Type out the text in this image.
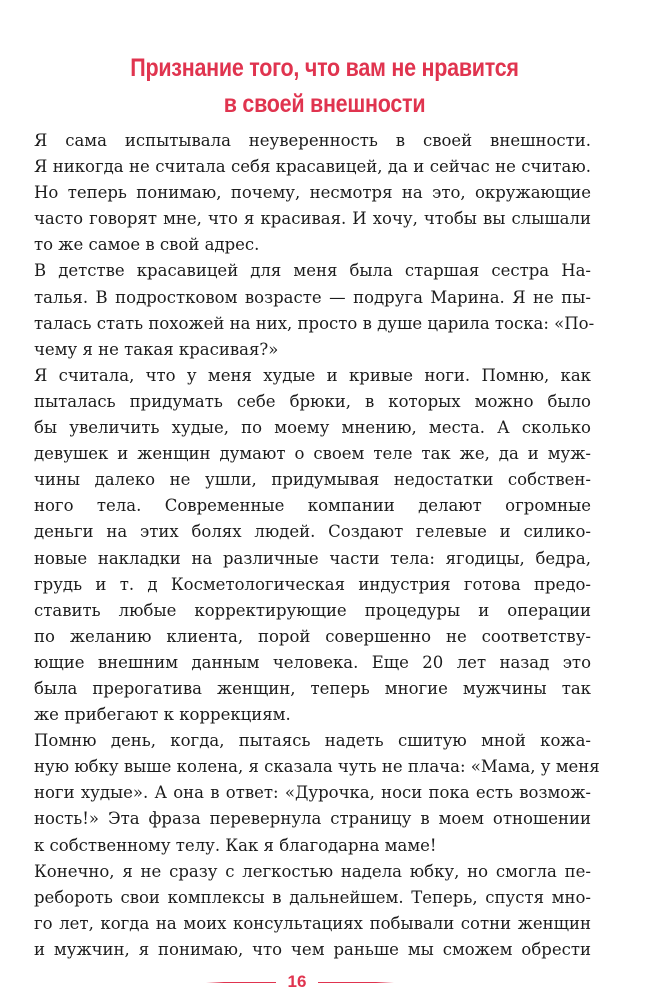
Признание того, что вам не нравится
в своей внешности

Я сама испытывала неуверенность в своей внешности.
Я никогда не считала себя красавицей, да и сейчас не считаю.
Но теперь понимаю, почему, несмотря на это, окружающие
часто говорят мне, что я красивая. И хочу, чтобы вы слышали
то же самое в свой адрес.

В детстве красавицей для меня была старшая сестра На-
талья. В подростковом возрасте — подруга Марина. Я не пы-
талась стать похожей на них, просто в душе царила тоска: «По-
чему я не такая красивая?»

Я считала, что у меня худые и кривые ноги. Помню, как
пыталась придумать себе брюки, в которых можно было
бы увеличить худые, по моему мнению, места. А сколько
девушек и женщин думают о своем теле так же, да и муж-
чины далеко не ушли, придумывая недостатки собствен-
ного тела. Современные компании делают огромные
деньги на этих болях людей. Создают гелевые и силико-
новые накладки на различные части тела: ягодицы, бедра,
грудь и т. д Косметологическая индустрия готова предо-
ставить любые корректирующие процедуры и операции
по желанию клиента, порой совершенно не соответству-
ющие внешним данным человека. Еще 20 лет назад это
была прерогатива женщин, теперь многие мужчины так
же прибегают к коррекциям.

Помню день, когда, пытаясь надеть сшитую мной кожа-
ную юбку выше колена, я сказала чуть не плача: «Мама, у меня
ноги худые». А она в ответ: «Дурочка, носи пока есть возмож-
ность!» Эта фраза перевернула страницу в моем отношении
к собственному телу. Как я благодарна маме!

Конечно, я не сразу с легкостью надела юбку, но смогла пе-
ребороть свои комплексы в дальнейшем. Теперь, спустя мно-
го лет, когда на моих консультациях побывали сотни женщин
и мужчин, я понимаю, что чем раньше мы сможем обрести

16
